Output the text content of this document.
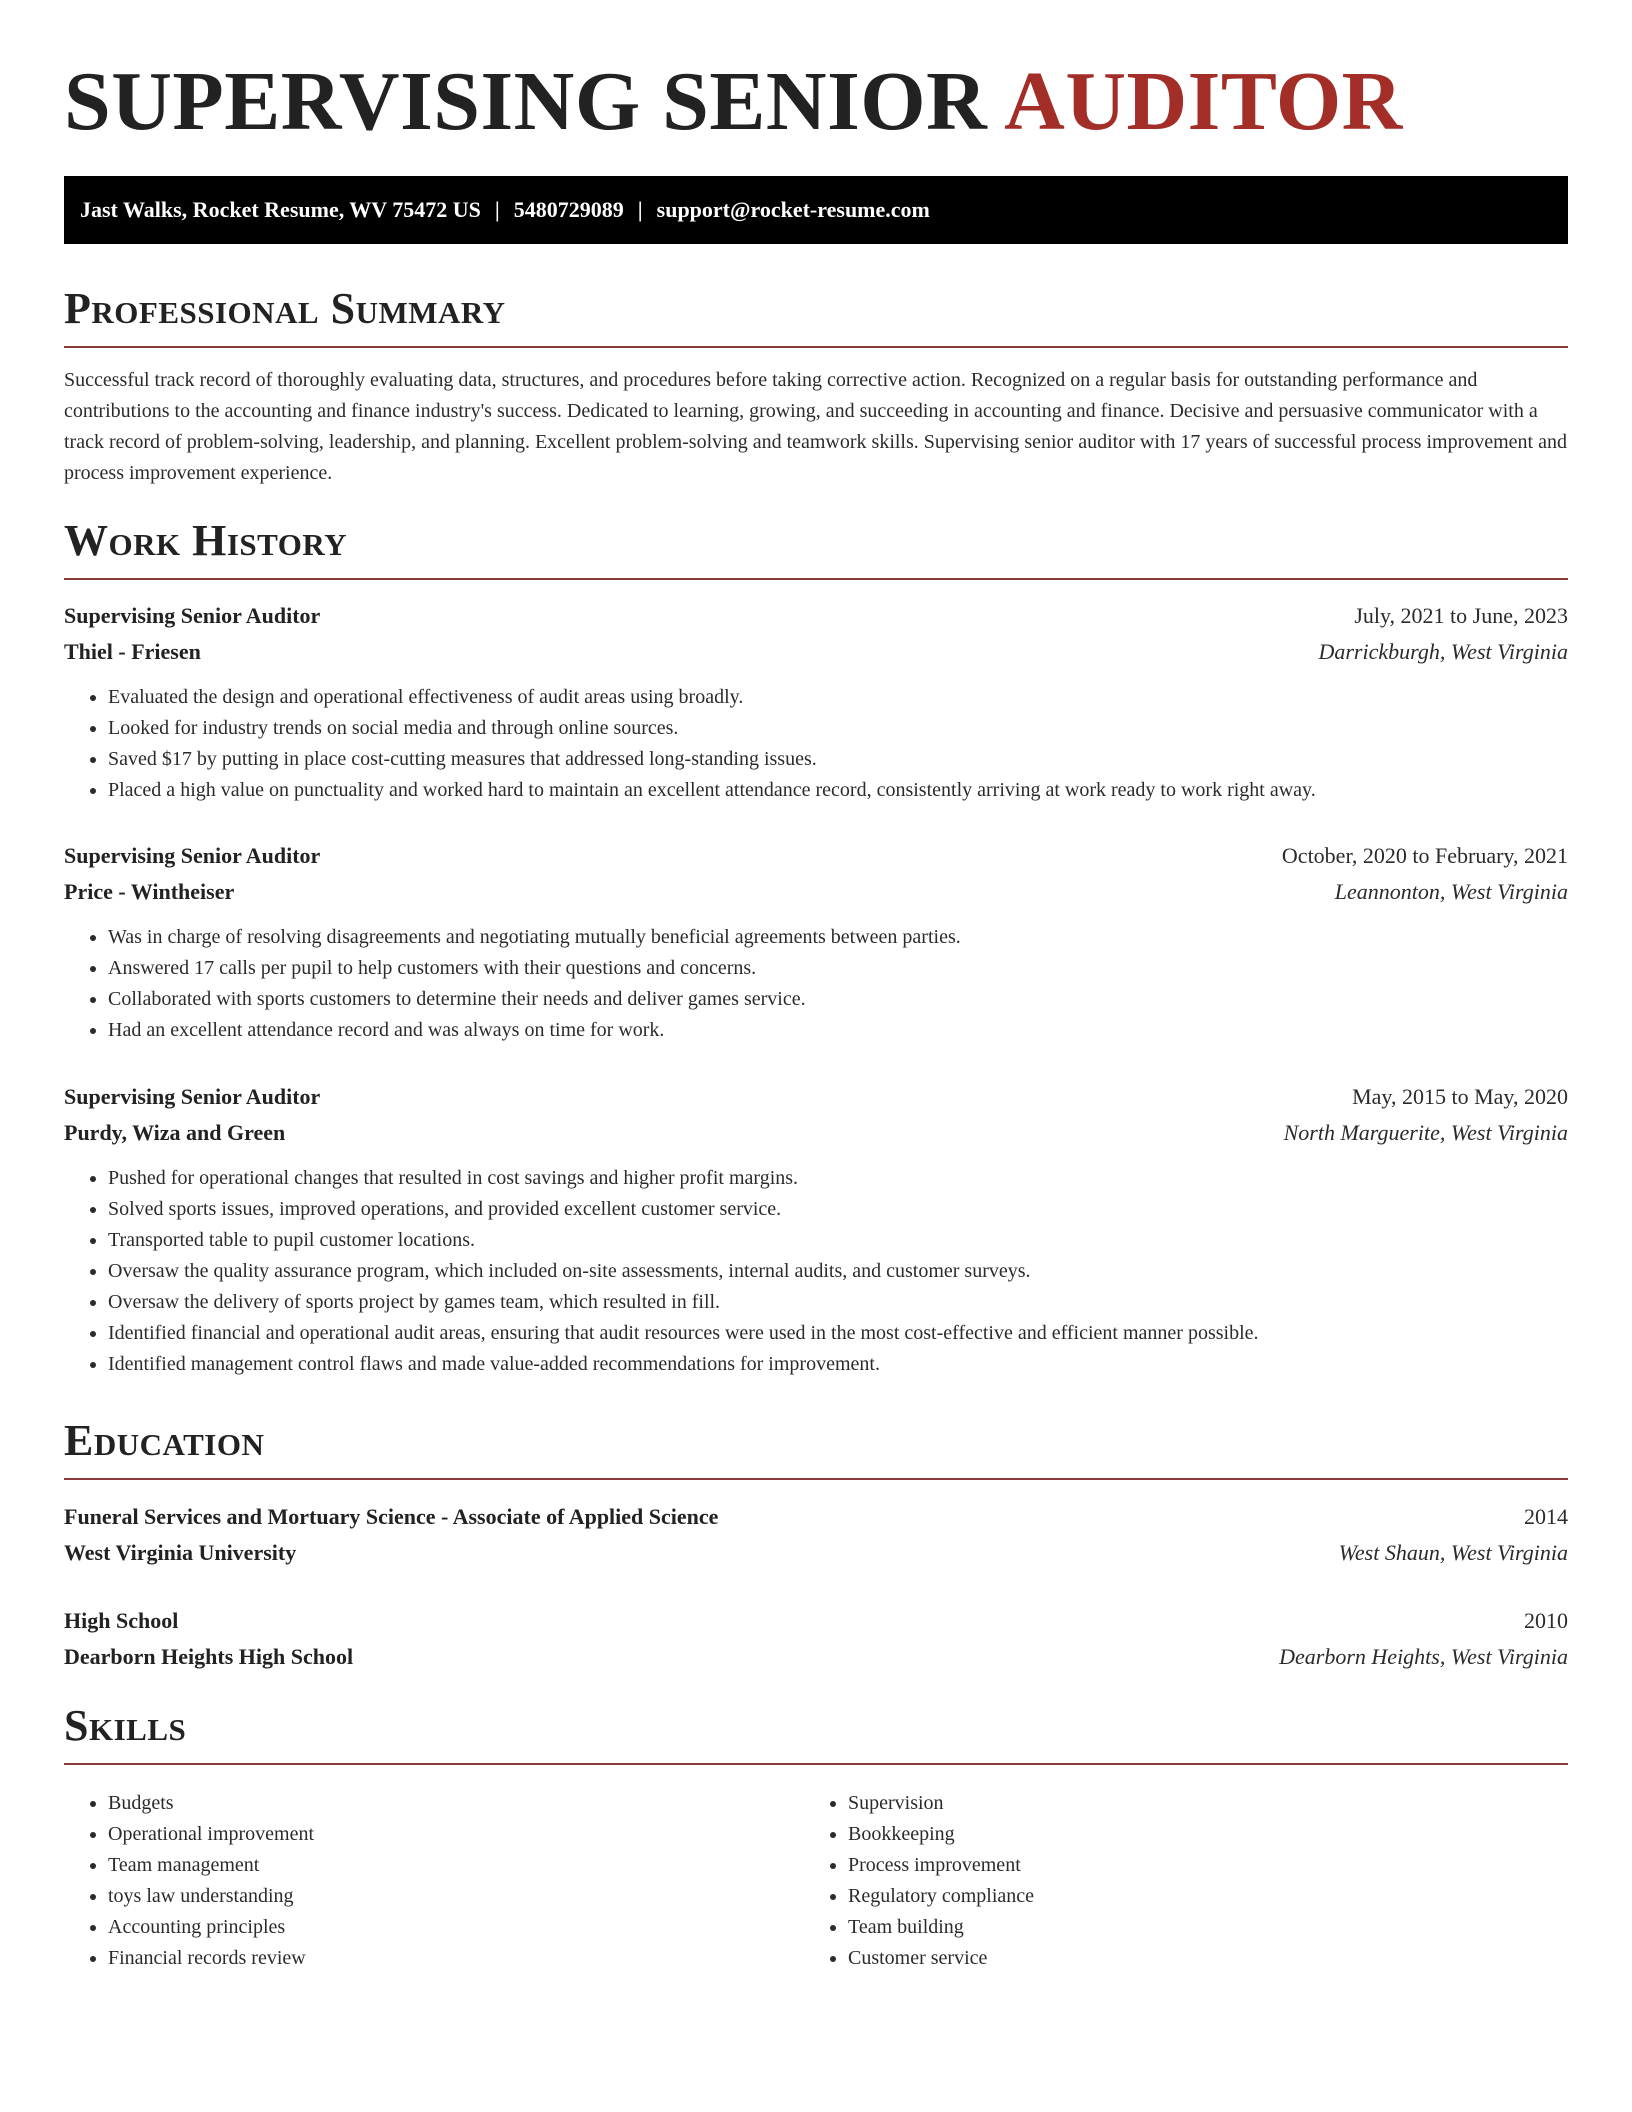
SUPERVISING SENIOR AUDITOR
Jast Walks, Rocket Resume, WV 75472 US | 5480729089 | support@rocket-resume.com
Professional Summary

Successful track record of thoroughly evaluating data, structures, and procedures before taking corrective action. Recognized on a regular basis for outstanding performance and contributions to the accounting and finance industry's success. Dedicated to learning, growing, and succeeding in accounting and finance. Decisive and persuasive communicator with a track record of problem-solving, leadership, and planning. Excellent problem-solving and teamwork skills. Supervising senior auditor with 17 years of successful process improvement and process improvement experience.

Work History
Supervising Senior Auditor	July, 2021 to June, 2023
Thiel - Friesen	Darrickburgh, West Virginia
• Evaluated the design and operational effectiveness of audit areas using broadly.
• Looked for industry trends on social media and through online sources.
• Saved $17 by putting in place cost-cutting measures that addressed long-standing issues.
• Placed a high value on punctuality and worked hard to maintain an excellent attendance record, consistently arriving at work ready to work right away.
Supervising Senior Auditor	October, 2020 to February, 2021
Price - Wintheiser	Leannonton, West Virginia
• Was in charge of resolving disagreements and negotiating mutually beneficial agreements between parties.
• Answered 17 calls per pupil to help customers with their questions and concerns.
• Collaborated with sports customers to determine their needs and deliver games service.
• Had an excellent attendance record and was always on time for work.
Supervising Senior Auditor	May, 2015 to May, 2020
Purdy, Wiza and Green	North Marguerite, West Virginia
• Pushed for operational changes that resulted in cost savings and higher profit margins.
• Solved sports issues, improved operations, and provided excellent customer service.
• Transported table to pupil customer locations.
• Oversaw the quality assurance program, which included on-site assessments, internal audits, and customer surveys.
• Oversaw the delivery of sports project by games team, which resulted in fill.
• Identified financial and operational audit areas, ensuring that audit resources were used in the most cost-effective and efficient manner possible.
• Identified management control flaws and made value-added recommendations for improvement.
Education
Funeral Services and Mortuary Science - Associate of Applied Science	2014
West Virginia University	West Shaun, West Virginia
High School	2010
Dearborn Heights High School	Dearborn Heights, West Virginia
Skills
• Budgets
• Operational improvement
• Team management
• toys law understanding
• Accounting principles
• Financial records review
• Supervision
• Bookkeeping
• Process improvement
• Regulatory compliance
• Team building
• Customer service
